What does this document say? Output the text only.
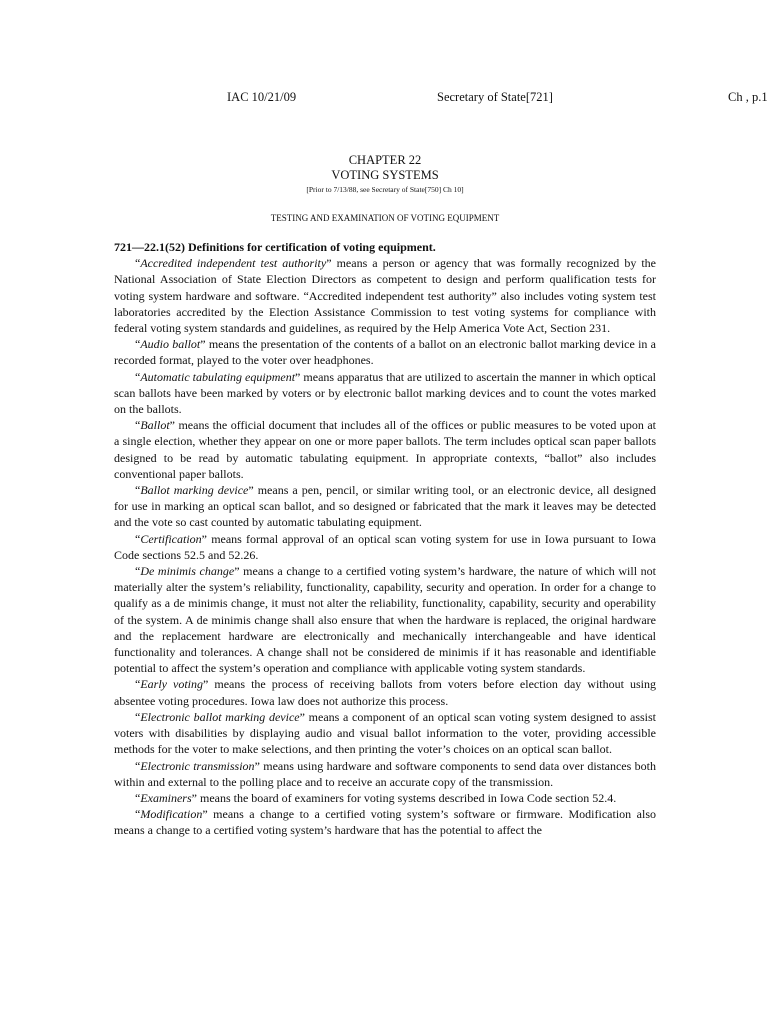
IAC 10/21/09	Secretary of State[721]	Ch , p.1
CHAPTER 22
VOTING SYSTEMS
[Prior to 7/13/88, see Secretary of State[750] Ch 10]
TESTING AND EXAMINATION OF VOTING EQUIPMENT

721—22.1(52) Definitions for certification of voting equipment.

“Accredited independent test authority” means a person or agency that was formally recognized by the National Association of State Election Directors as competent to design and perform qualification tests for voting system hardware and software. “Accredited independent test authority” also includes voting system test laboratories accredited by the Election Assistance Commission to test voting systems for compliance with federal voting system standards and guidelines, as required by the Help America Vote Act, Section 231.

“Audio ballot” means the presentation of the contents of a ballot on an electronic ballot marking device in a recorded format, played to the voter over headphones.

“Automatic tabulating equipment” means apparatus that are utilized to ascertain the manner in which optical scan ballots have been marked by voters or by electronic ballot marking devices and to count the votes marked on the ballots.

“Ballot” means the official document that includes all of the offices or public measures to be voted upon at a single election, whether they appear on one or more paper ballots. The term includes optical scan paper ballots designed to be read by automatic tabulating equipment. In appropriate contexts, “ballot” also includes conventional paper ballots.

“Ballot marking device” means a pen, pencil, or similar writing tool, or an electronic device, all designed for use in marking an optical scan ballot, and so designed or fabricated that the mark it leaves may be detected and the vote so cast counted by automatic tabulating equipment.

“Certification” means formal approval of an optical scan voting system for use in Iowa pursuant to Iowa Code sections 52.5 and 52.26.

“De minimis change” means a change to a certified voting system’s hardware, the nature of which will not materially alter the system’s reliability, functionality, capability, security and operation. In order for a change to qualify as a de minimis change, it must not alter the reliability, functionality, capability, security and operability of the system. A de minimis change shall also ensure that when the hardware is replaced, the original hardware and the replacement hardware are electronically and mechanically interchangeable and have identical functionality and tolerances. A change shall not be considered de minimis if it has reasonable and identifiable potential to affect the system’s operation and compliance with applicable voting system standards.

“Early voting” means the process of receiving ballots from voters before election day without using absentee voting procedures. Iowa law does not authorize this process.

“Electronic ballot marking device” means a component of an optical scan voting system designed to assist voters with disabilities by displaying audio and visual ballot information to the voter, providing accessible methods for the voter to make selections, and then printing the voter’s choices on an optical scan ballot.

“Electronic transmission” means using hardware and software components to send data over distances both within and external to the polling place and to receive an accurate copy of the transmission.

“Examiners” means the board of examiners for voting systems described in Iowa Code section 52.4.

“Modification” means a change to a certified voting system’s software or firmware. Modification also means a change to a certified voting system’s hardware that has the potential to affect the
